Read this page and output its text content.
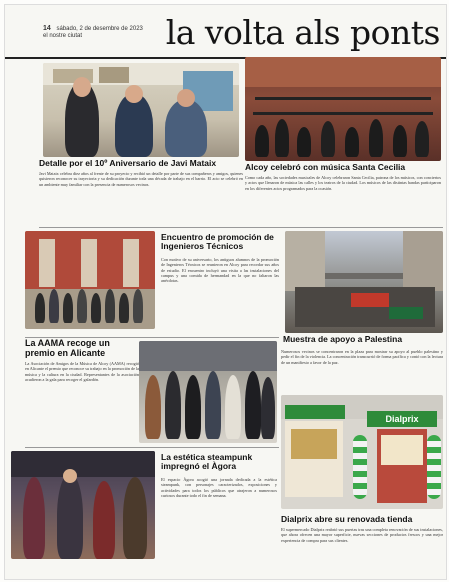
14 sábado, 2 de desembre de 2023
el nostre ciutat	la volta als ponts
Detalle por el 10º Aniversario de Javi Mataix
Javi Mataix celebra diez años al frente de su proyecto y recibió un detalle por parte de sus compañeros y amigos, quienes quisieron reconocer su trayectoria y su dedicación durante toda una década de trabajo en el barrio. El acto se celebró en un ambiente muy familiar con la presencia de numerosos vecinos.
Alcoy celebró con música Santa Cecilia
Como cada año, las sociedades musicales de Alcoy celebraron Santa Cecilia, patrona de los músicos, con conciertos y actos que llenaron de música las calles y los teatros de la ciudad. Los músicos de las distintas bandas participaron en los diferentes actos programados para la ocasión.
Encuentro de promoción de Ingenieros Técnicos
Con motivo de su aniversario, los antiguos alumnos de la promoción de Ingenieros Técnicos se reunieron en Alcoy para recordar sus años de estudio. El encuentro incluyó una visita a las instalaciones del campus y una comida de hermandad en la que no faltaron las anécdotas.
Muestra de apoyo a Palestina
Numerosos vecinos se concentraron en la plaza para mostrar su apoyo al pueblo palestino y pedir el fin de la violencia. La concentración transcurrió de forma pacífica y contó con la lectura de un manifiesto a favor de la paz.
La AAMA recoge un premio en Alicante
La Asociación de Amigos de la Música de Alcoy (AAMA) recogió en Alicante el premio que reconoce su trabajo en la promoción de la música y la cultura en la ciudad. Representantes de la asociación acudieron a la gala para recoger el galardón.
Dialprix
La estética steampunk impregnó el Àgora
El espacio Àgora acogió una jornada dedicada a la estética steampunk, con personajes caracterizados, exposiciones y actividades para todos los públicos que atrajeron a numerosos curiosos durante todo el fin de semana.
Dialprix abre su renovada tienda
El supermercado Dialprix reabrió sus puertas tras una completa renovación de sus instalaciones, que ahora ofrecen una mayor superficie, nuevas secciones de productos frescos y una mejor experiencia de compra para sus clientes.
